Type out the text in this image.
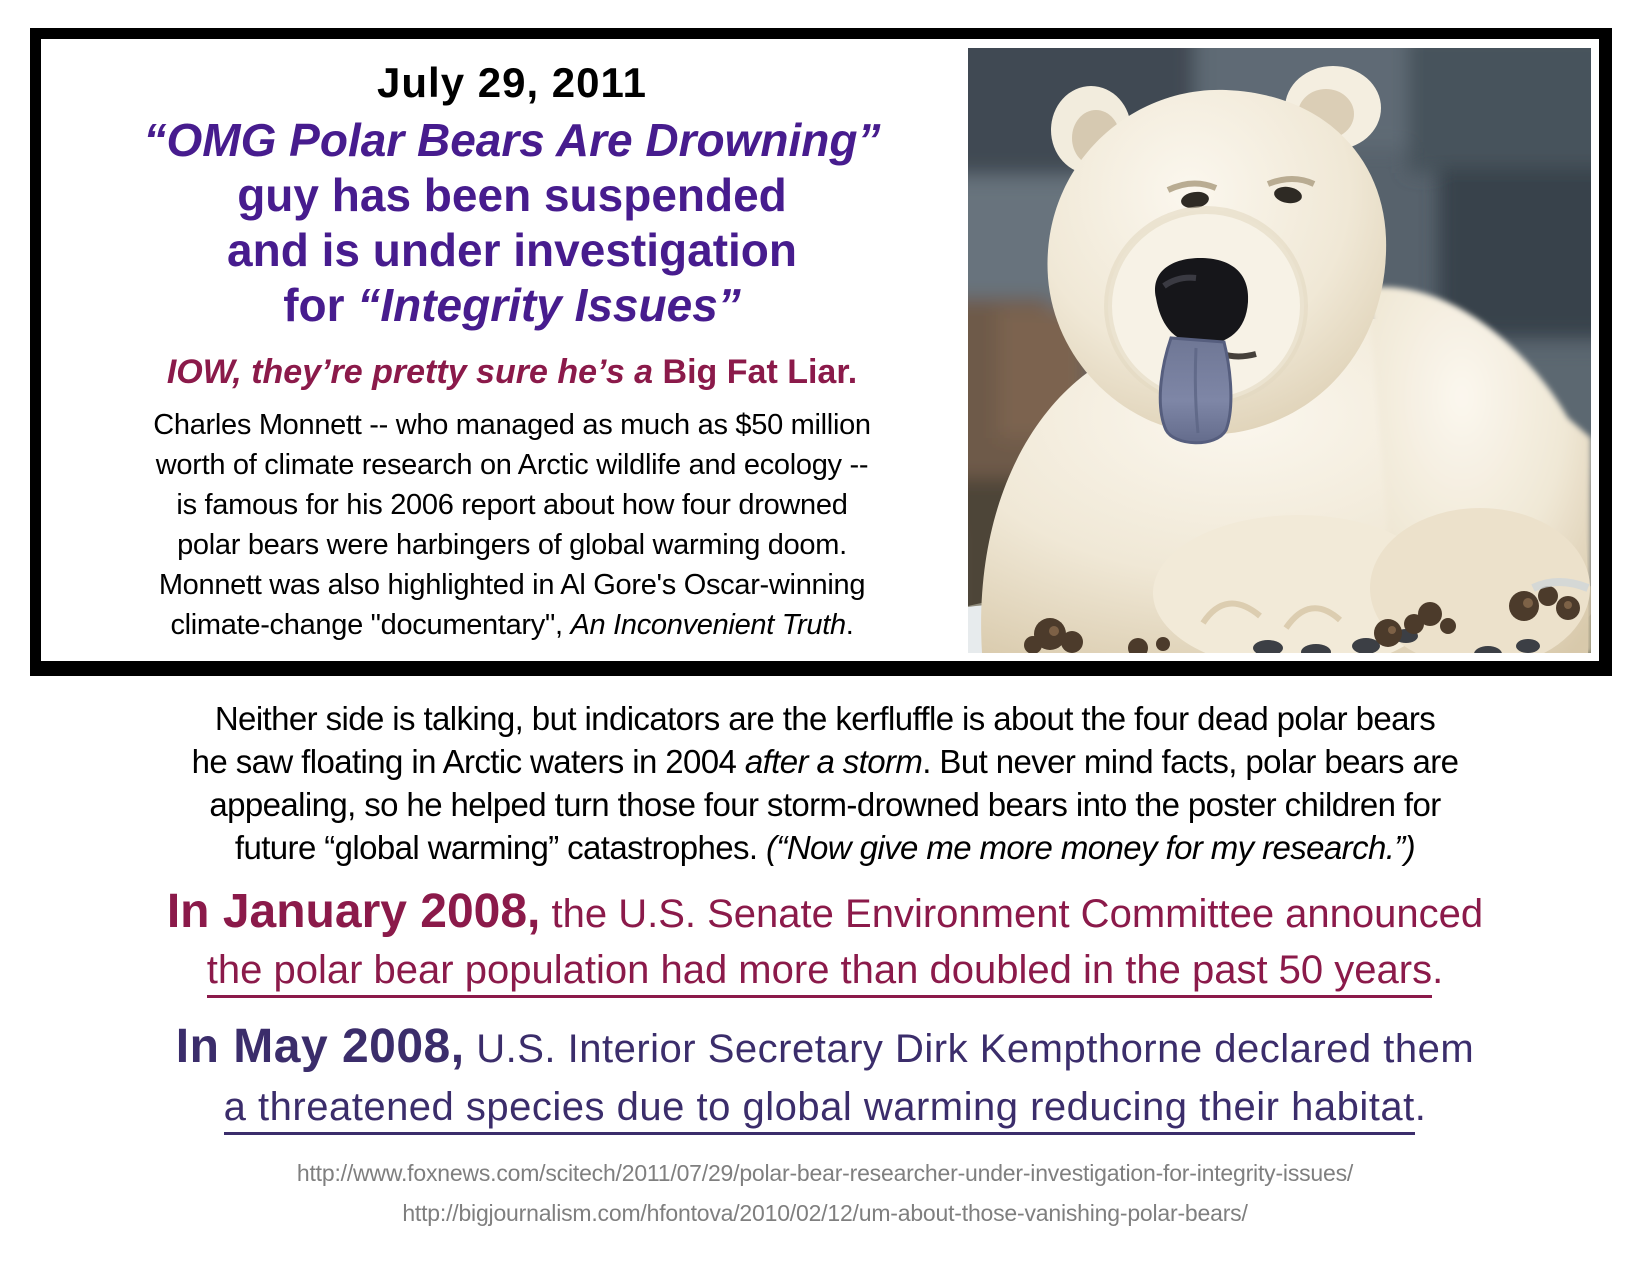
July 29, 2011
“OMG Polar Bears Are Drowning”
guy has been suspended
and is under investigation
for “Integrity Issues”
IOW, they’re pretty sure he’s a Big Fat Liar.
Charles Monnett -- who managed as much as $50 million
worth of climate research on Arctic wildlife and ecology --
is famous for his 2006 report about how four drowned
polar bears were harbingers of global warming doom.
Monnett was also highlighted in Al Gore's Oscar-winning
climate-change "documentary", An Inconvenient Truth.
Neither side is talking, but indicators are the kerfluffle is about the four dead polar bears
he saw floating in Arctic waters in 2004 after a storm. But never mind facts, polar bears are
appealing, so he helped turn those four storm-drowned bears into the poster children for
future “global warming” catastrophes. (“Now give me more money for my research.”)
In January 2008, the U.S. Senate Environment Committee announced
the polar bear population had more than doubled in the past 50 years.
In May 2008, U.S. Interior Secretary Dirk Kempthorne declared them
a threatened species due to global warming reducing their habitat.
http://www.foxnews.com/scitech/2011/07/29/polar-bear-researcher-under-investigation-for-integrity-issues/
http://bigjournalism.com/hfontova/2010/02/12/um-about-those-vanishing-polar-bears/
